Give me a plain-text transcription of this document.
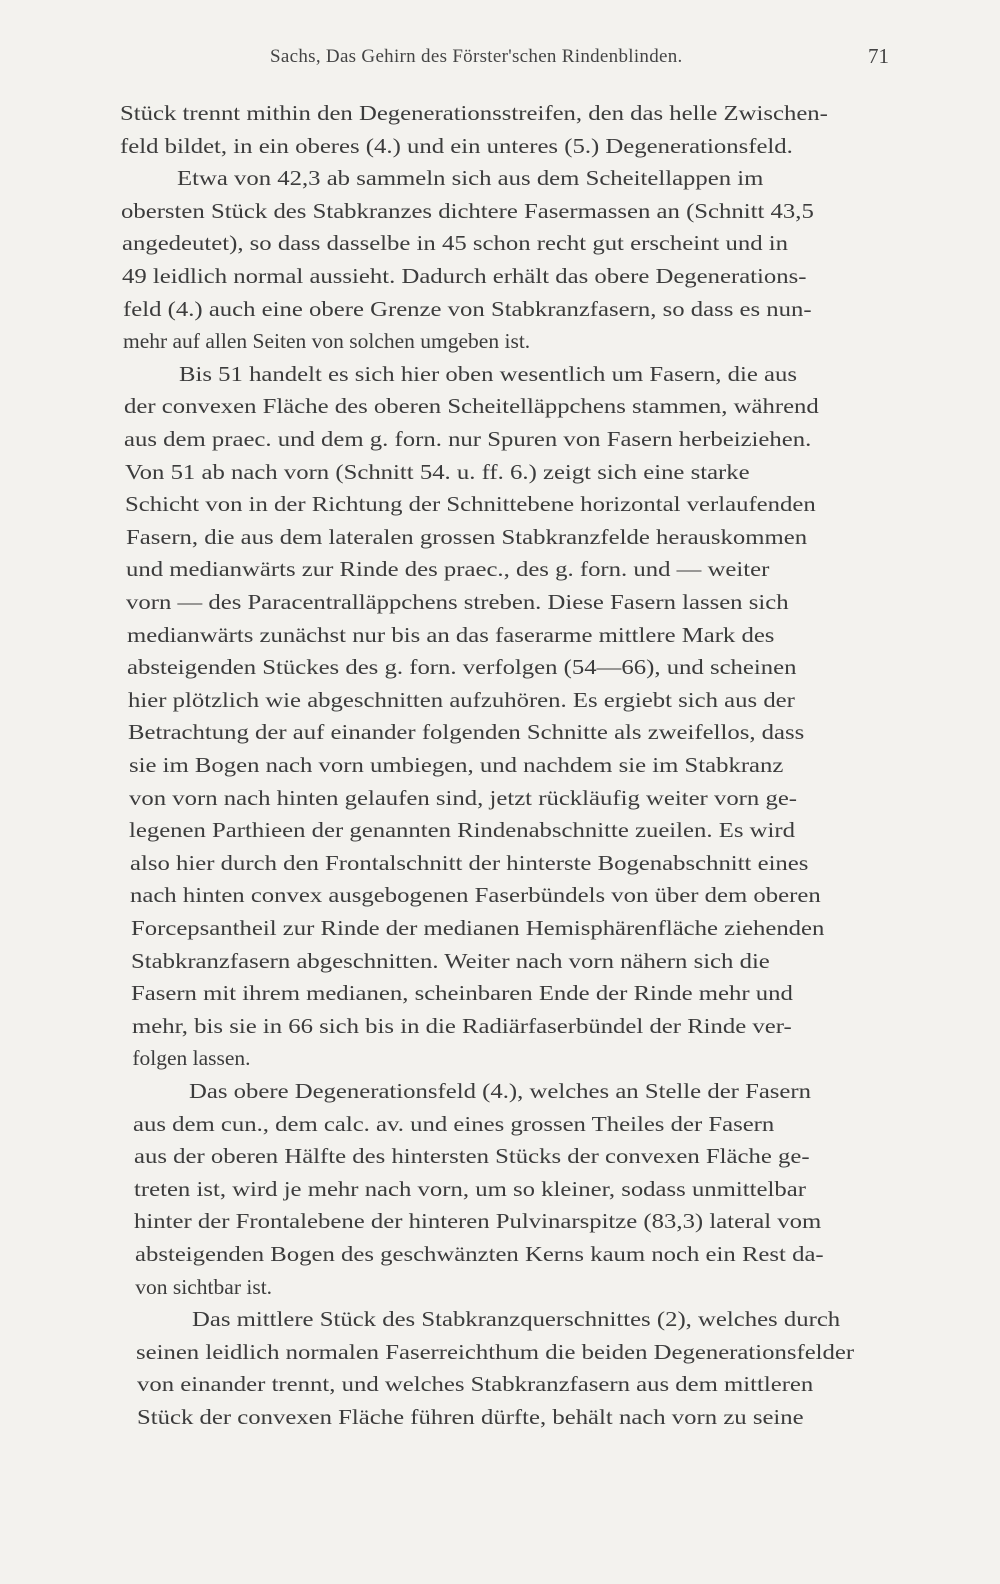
Sachs, Das Gehirn des Förster'schen Rindenblinden.	71
Stück trennt mithin den Degenerationsstreifen, den das helle Zwischen-
feld bildet, in ein oberes (4.) und ein unteres (5.) Degenerationsfeld.
Etwa von 42,3 ab sammeln sich aus dem Scheitellappen im
obersten Stück des Stabkranzes dichtere Fasermassen an (Schnitt 43,5
angedeutet), so dass dasselbe in 45 schon recht gut erscheint und in
49 leidlich normal aussieht. Dadurch erhält das obere Degenerations-
feld (4.) auch eine obere Grenze von Stabkranzfasern, so dass es nun-
mehr auf allen Seiten von solchen umgeben ist.
Bis 51 handelt es sich hier oben wesentlich um Fasern, die aus
der convexen Fläche des oberen Scheitelläppchens stammen, während
aus dem praec. und dem g. forn. nur Spuren von Fasern herbeiziehen.
Von 51 ab nach vorn (Schnitt 54. u. ff. 6.) zeigt sich eine starke
Schicht von in der Richtung der Schnittebene horizontal verlaufenden
Fasern, die aus dem lateralen grossen Stabkranzfelde herauskommen
und medianwärts zur Rinde des praec., des g. forn. und — weiter
vorn — des Paracentralläppchens streben. Diese Fasern lassen sich
medianwärts zunächst nur bis an das faserarme mittlere Mark des
absteigenden Stückes des g. forn. verfolgen (54—66), und scheinen
hier plötzlich wie abgeschnitten aufzuhören. Es ergiebt sich aus der
Betrachtung der auf einander folgenden Schnitte als zweifellos, dass
sie im Bogen nach vorn umbiegen, und nachdem sie im Stabkranz
von vorn nach hinten gelaufen sind, jetzt rückläufig weiter vorn ge-
legenen Parthieen der genannten Rindenabschnitte zueilen. Es wird
also hier durch den Frontalschnitt der hinterste Bogenabschnitt eines
nach hinten convex ausgebogenen Faserbündels von über dem oberen
Forcepsantheil zur Rinde der medianen Hemisphärenfläche ziehenden
Stabkranzfasern abgeschnitten. Weiter nach vorn nähern sich die
Fasern mit ihrem medianen, scheinbaren Ende der Rinde mehr und
mehr, bis sie in 66 sich bis in die Radiärfaserbündel der Rinde ver-
folgen lassen.
Das obere Degenerationsfeld (4.), welches an Stelle der Fasern
aus dem cun., dem calc. av. und eines grossen Theiles der Fasern
aus der oberen Hälfte des hintersten Stücks der convexen Fläche ge-
treten ist, wird je mehr nach vorn, um so kleiner, sodass unmittelbar
hinter der Frontalebene der hinteren Pulvinarspitze (83,3) lateral vom
absteigenden Bogen des geschwänzten Kerns kaum noch ein Rest da-
von sichtbar ist.
Das mittlere Stück des Stabkranzquerschnittes (2), welches durch
seinen leidlich normalen Faserreichthum die beiden Degenerationsfelder
von einander trennt, und welches Stabkranzfasern aus dem mittleren
Stück der convexen Fläche führen dürfte, behält nach vorn zu seine
